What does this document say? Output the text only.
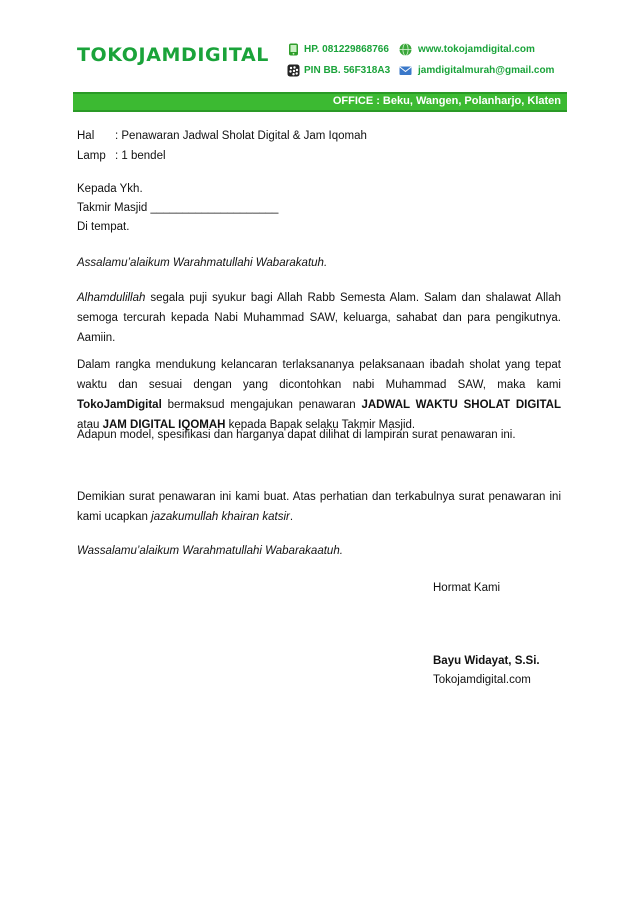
TOKOJAMDIGITAL	HP. 081229868766
PIN BB. 56F318A3
www.tokojamdigital.com
jamdigitalmurah@gmail.com
OFFICE : Beku, Wangen, Polanharjo, Klaten
Hal : Penawaran Jadwal Sholat Digital & Jam Iqomah
Lamp : 1 bendel
Kepada Ykh.
Takmir Masjid ____________________
Di tempat.
Assalamu’alaikum Warahmatullahi Wabarakatuh.
Alhamdulillah segala puji syukur bagi Allah Rabb Semesta Alam. Salam dan shalawat Allah semoga tercurah kepada Nabi Muhammad SAW, keluarga, sahabat dan para pengikutnya. Aamiin.
Dalam rangka mendukung kelancaran terlaksananya pelaksanaan ibadah sholat yang tepat waktu dan sesuai dengan yang dicontohkan nabi Muhammad SAW, maka kami TokoJamDigital bermaksud mengajukan penawaran JADWAL WAKTU SHOLAT DIGITAL atau JAM DIGITAL IQOMAH kepada Bapak selaku Takmir Masjid.
Adapun model, spesifikasi dan harganya dapat dilihat di lampiran surat penawaran ini.
Demikian surat penawaran ini kami buat. Atas perhatian dan terkabulnya surat penawaran ini kami ucapkan jazakumullah khairan katsir.
Wassalamu’alaikum Warahmatullahi Wabarakaatuh.
Hormat Kami
Bayu Widayat, S.Si.
Tokojamdigital.com
